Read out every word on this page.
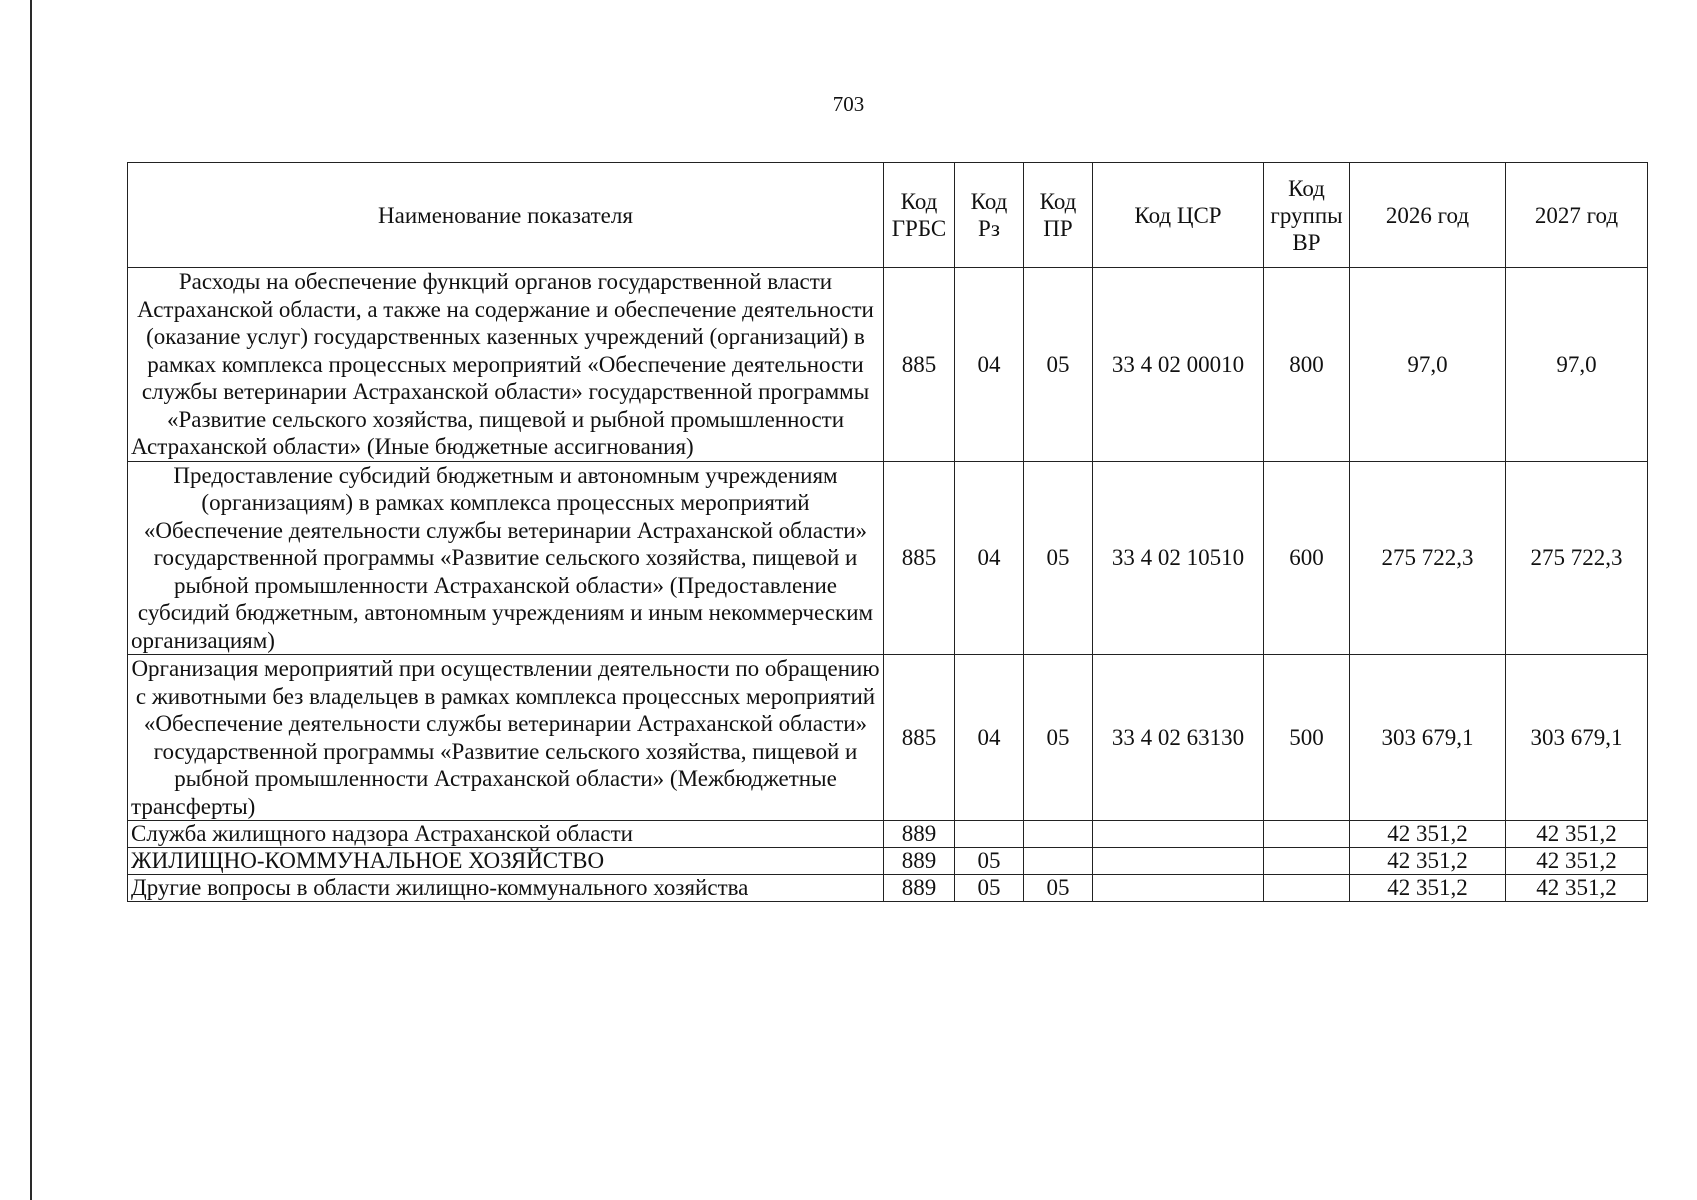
703
Наименование показателя	Код ГРБС	Код Рз	Код ПР	Код ЦСР	Код группы ВР	2026 год	2027 год
Расходы на обеспечение функций органов государственной власти Астраханской области, а также на содержание и обеспечение деятельности (оказание услуг) государственных казенных учреждений (организаций) в рамках комплекса процессных мероприятий «Обеспечение деятельности службы ветеринарии Астраханской области» государственной программы «Развитие сельского хозяйства, пищевой и рыбной промышленности Астраханской области» (Иные бюджетные ассигнования)	885	04	05	33 4 02 00010	800	97,0	97,0
Предоставление субсидий бюджетным и автономным учреждениям (организациям) в рамках комплекса процессных мероприятий «Обеспечение деятельности службы ветеринарии Астраханской области» государственной программы «Развитие сельского хозяйства, пищевой и рыбной промышленности Астраханской области» (Предоставление субсидий бюджетным, автономным учреждениям и иным некоммерческим организациям)	885	04	05	33 4 02 10510	600	275 722,3	275 722,3
Организация мероприятий при осуществлении деятельности по обращению с животными без владельцев в рамках комплекса процессных мероприятий «Обеспечение деятельности службы ветеринарии Астраханской области» государственной программы «Развитие сельского хозяйства, пищевой и рыбной промышленности Астраханской области» (Межбюджетные трансферты)	885	04	05	33 4 02 63130	500	303 679,1	303 679,1
Служба жилищного надзора Астраханской области	889					42 351,2	42 351,2
ЖИЛИЩНО-КОММУНАЛЬНОЕ ХОЗЯЙСТВО	889	05				42 351,2	42 351,2
Другие вопросы в области жилищно-коммунального хозяйства	889	05	05			42 351,2	42 351,2
